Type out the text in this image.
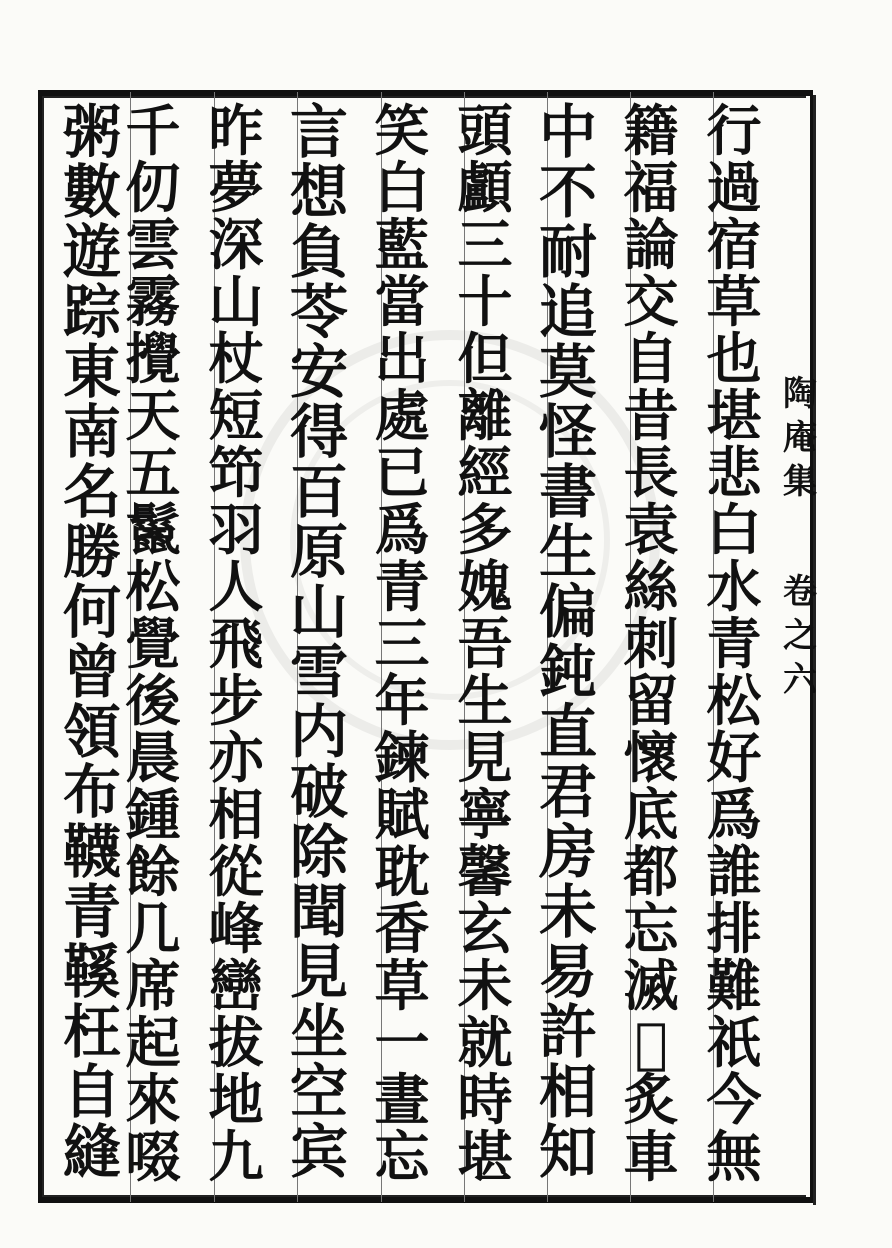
行
過
宿
草
也
堪
悲
白
水
青
松
好
爲
誰
排
難
祇
今
無
籍
福
論
交
自
昔
長
袁
絲
刺
留
懷
底
都
忘
滅
𦚾
炙
車
中
不
耐
追
莫
怪
書
生
偏
鈍
直
君
房
未
易
許
相
知
頭
顱
三
十
但
離
經
多
媿
吾
生
見
寧
馨
玄
未
就
時
堪
笑
白
藍
當
出
處
已
爲
青
三
年
鍊
賦
耽
香
草
一
晝
忘
言
想
負
苓
安
得
百
原
山
雪
内
破
除
聞
見
坐
空
宾
昨
夢
深
山
杖
短
笻
羽
人
飛
步
亦
相
從
峰
巒
拔
地
九
千
仞
雲
霧
攪
天
五
鬣
松
覺
後
晨
鍾
餘
几
席
起
來
啜
粥
數
遊
踪
東
南
名
勝
何
曾
領
布
韈
青
鞵
枉
自
縫
陶
庵
集
卷
之
六
